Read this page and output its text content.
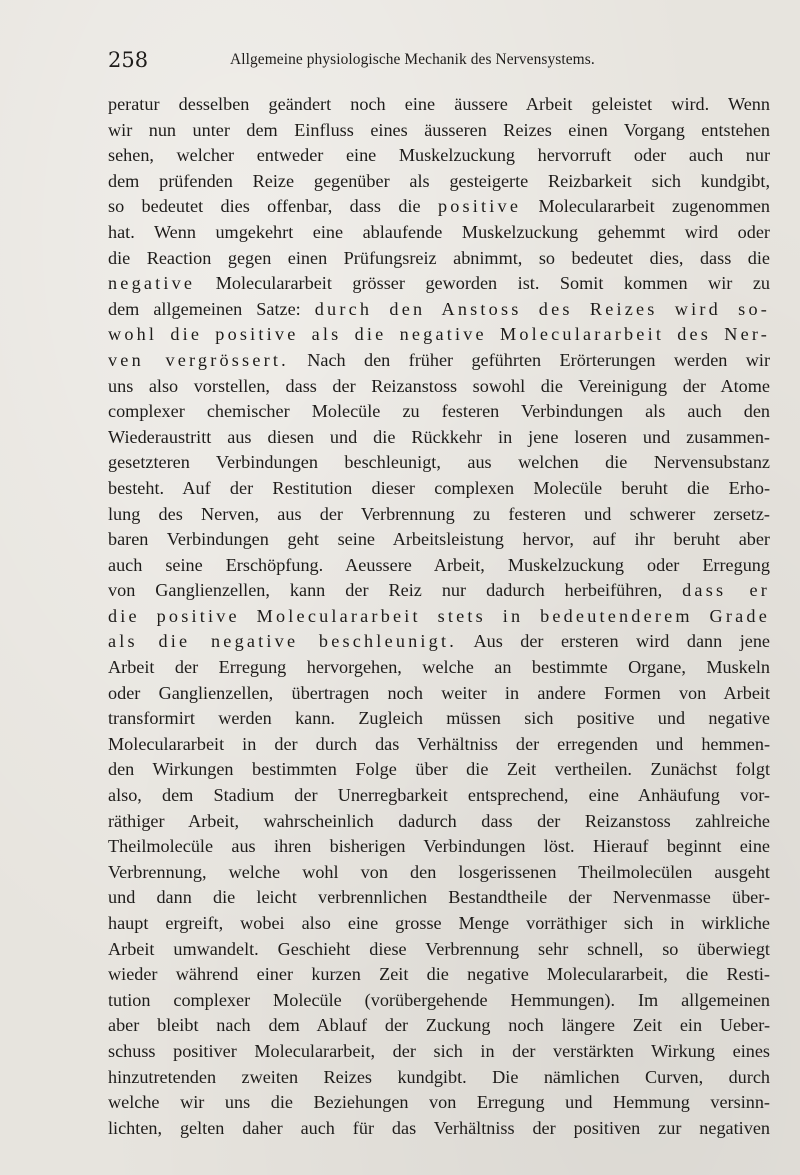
258	Allgemeine physiologische Mechanik des Nervensystems.
peratur desselben geändert noch eine äussere Arbeit geleistet wird. Wenn
wir nun unter dem Einfluss eines äusseren Reizes einen Vorgang entstehen
sehen, welcher entweder eine Muskelzuckung hervorruft oder auch nur
dem prüfenden Reize gegenüber als gesteigerte Reizbarkeit sich kundgibt,
so bedeutet dies offenbar, dass die positive Moleculararbeit zugenommen
hat. Wenn umgekehrt eine ablaufende Muskelzuckung gehemmt wird oder
die Reaction gegen einen Prüfungsreiz abnimmt, so bedeutet dies, dass die
negative Moleculararbeit grösser geworden ist. Somit kommen wir zu
dem allgemeinen Satze: durch den Anstoss des Reizes wird so-
wohl die positive als die negative Moleculararbeit des Ner-
ven vergrössert. Nach den früher geführten Erörterungen werden wir
uns also vorstellen, dass der Reizanstoss sowohl die Vereinigung der Atome
complexer chemischer Molecüle zu festeren Verbindungen als auch den
Wiederaustritt aus diesen und die Rückkehr in jene loseren und zusammen-
gesetzteren Verbindungen beschleunigt, aus welchen die Nervensubstanz
besteht. Auf der Restitution dieser complexen Molecüle beruht die Erho-
lung des Nerven, aus der Verbrennung zu festeren und schwerer zersetz-
baren Verbindungen geht seine Arbeitsleistung hervor, auf ihr beruht aber
auch seine Erschöpfung. Aeussere Arbeit, Muskelzuckung oder Erregung
von Ganglienzellen, kann der Reiz nur dadurch herbeiführen, dass er
die positive Moleculararbeit stets in bedeutenderem Grade
als die negative beschleunigt. Aus der ersteren wird dann jene
Arbeit der Erregung hervorgehen, welche an bestimmte Organe, Muskeln
oder Ganglienzellen, übertragen noch weiter in andere Formen von Arbeit
transformirt werden kann. Zugleich müssen sich positive und negative
Moleculararbeit in der durch das Verhältniss der erregenden und hemmen-
den Wirkungen bestimmten Folge über die Zeit vertheilen. Zunächst folgt
also, dem Stadium der Unerregbarkeit entsprechend, eine Anhäufung vor-
räthiger Arbeit, wahrscheinlich dadurch dass der Reizanstoss zahlreiche
Theilmolecüle aus ihren bisherigen Verbindungen löst. Hierauf beginnt eine
Verbrennung, welche wohl von den losgerissenen Theilmolecülen ausgeht
und dann die leicht verbrennlichen Bestandtheile der Nervenmasse über-
haupt ergreift, wobei also eine grosse Menge vorräthiger sich in wirkliche
Arbeit umwandelt. Geschieht diese Verbrennung sehr schnell, so überwiegt
wieder während einer kurzen Zeit die negative Moleculararbeit, die Resti-
tution complexer Molecüle (vorübergehende Hemmungen). Im allgemeinen
aber bleibt nach dem Ablauf der Zuckung noch längere Zeit ein Ueber-
schuss positiver Moleculararbeit, der sich in der verstärkten Wirkung eines
hinzutretenden zweiten Reizes kundgibt. Die nämlichen Curven, durch
welche wir uns die Beziehungen von Erregung und Hemmung versinn-
lichten, gelten daher auch für das Verhältniss der positiven zur negativen
